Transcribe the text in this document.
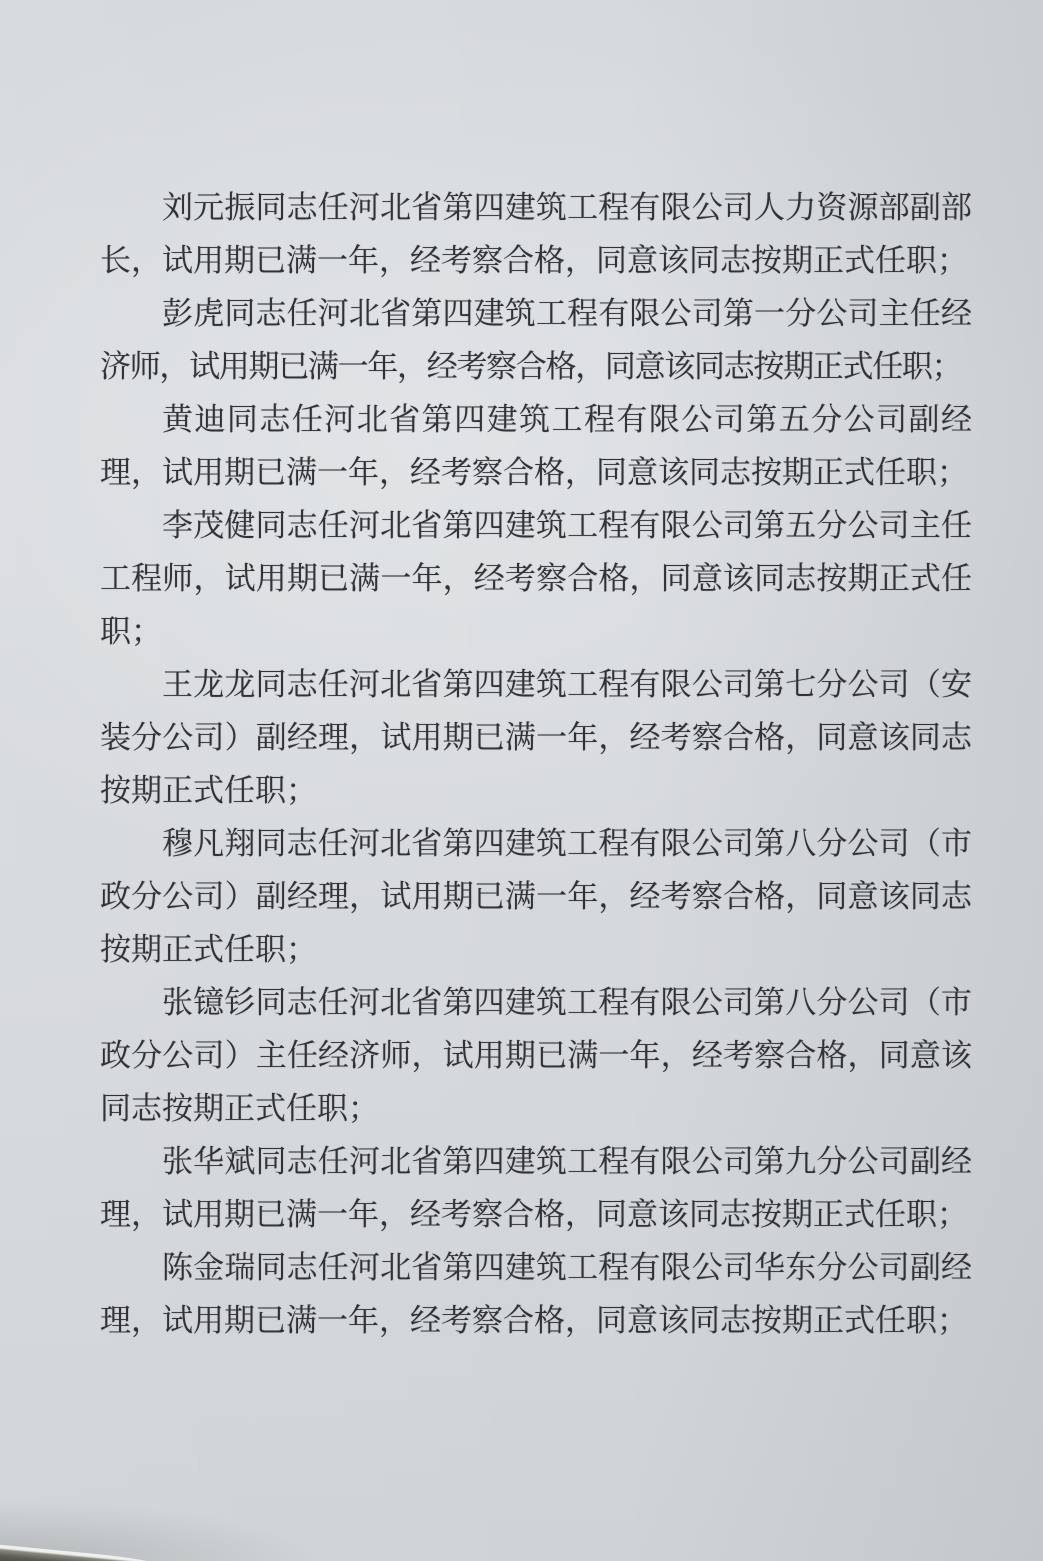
刘元振同志任河北省第四建筑工程有限公司人力资源部副部
长，试用期已满一年，经考察合格，同意该同志按期正式任职；
彭虎同志任河北省第四建筑工程有限公司第一分公司主任经
济师，试用期已满一年，经考察合格，同意该同志按期正式任职；
黄迪同志任河北省第四建筑工程有限公司第五分公司副经
理，试用期已满一年，经考察合格，同意该同志按期正式任职；
李茂健同志任河北省第四建筑工程有限公司第五分公司主任
工程师，试用期已满一年，经考察合格，同意该同志按期正式任
职；
王龙龙同志任河北省第四建筑工程有限公司第七分公司（安
装分公司）副经理，试用期已满一年，经考察合格，同意该同志
按期正式任职；
穆凡翔同志任河北省第四建筑工程有限公司第八分公司（市
政分公司）副经理，试用期已满一年，经考察合格，同意该同志
按期正式任职；
张镱钐同志任河北省第四建筑工程有限公司第八分公司（市
政分公司）主任经济师，试用期已满一年，经考察合格，同意该
同志按期正式任职；
张华斌同志任河北省第四建筑工程有限公司第九分公司副经
理，试用期已满一年，经考察合格，同意该同志按期正式任职；
陈金瑞同志任河北省第四建筑工程有限公司华东分公司副经
理，试用期已满一年，经考察合格，同意该同志按期正式任职；
